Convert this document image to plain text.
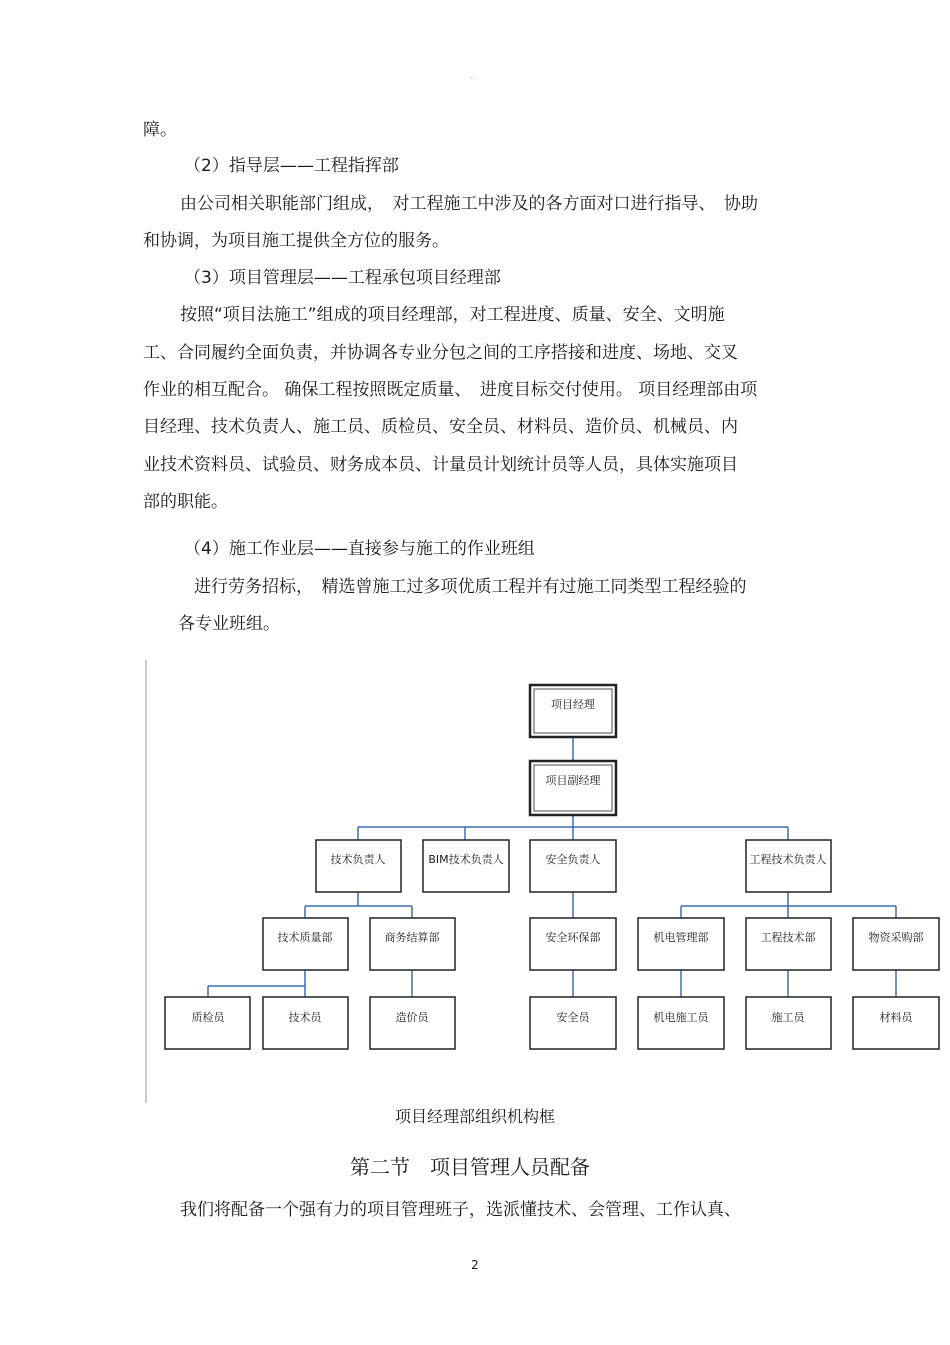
。
障。
（2）指导层——工程指挥部
由公司相关职能部门组成，　对工程施工中涉及的各方面对口进行指导、　协助
和协调，为项目施工提供全方位的服务。
（3）项目管理层——工程承包项目经理部
按照“项目法施工”组成的项目经理部，对工程进度、质量、安全、文明施
工、合同履约全面负责，并协调各专业分包之间的工序搭接和进度、场地、交叉
作业的相互配合。 确保工程按照既定质量、　进度目标交付使用。 项目经理部由项
目经理、技术负责人、施工员、质检员、安全员、材料员、造价员、机械员、内
业技术资料员、试验员、财务成本员、计量员计划统计员等人员，具体实施项目
部的职能。
（4）施工作业层——直接参与施工的作业班组
进行劳务招标，　精选曾施工过多项优质工程并有过施工同类型工程经验的
各专业班组。
项目经理
项目副经理
技术负责人	BIM技术负责人	安全负责人	工程技术负责人
技术质量部	商务结算部	安全环保部	机电管理部	工程技术部	物资采购部
质检员	技术员	造价员	安全员	机电施工员	施工员	材料员
项目经理部组织机构框
第二节　项目管理人员配备
我们将配备一个强有力的项目管理班子，选派懂技术、会管理、工作认真、
2
